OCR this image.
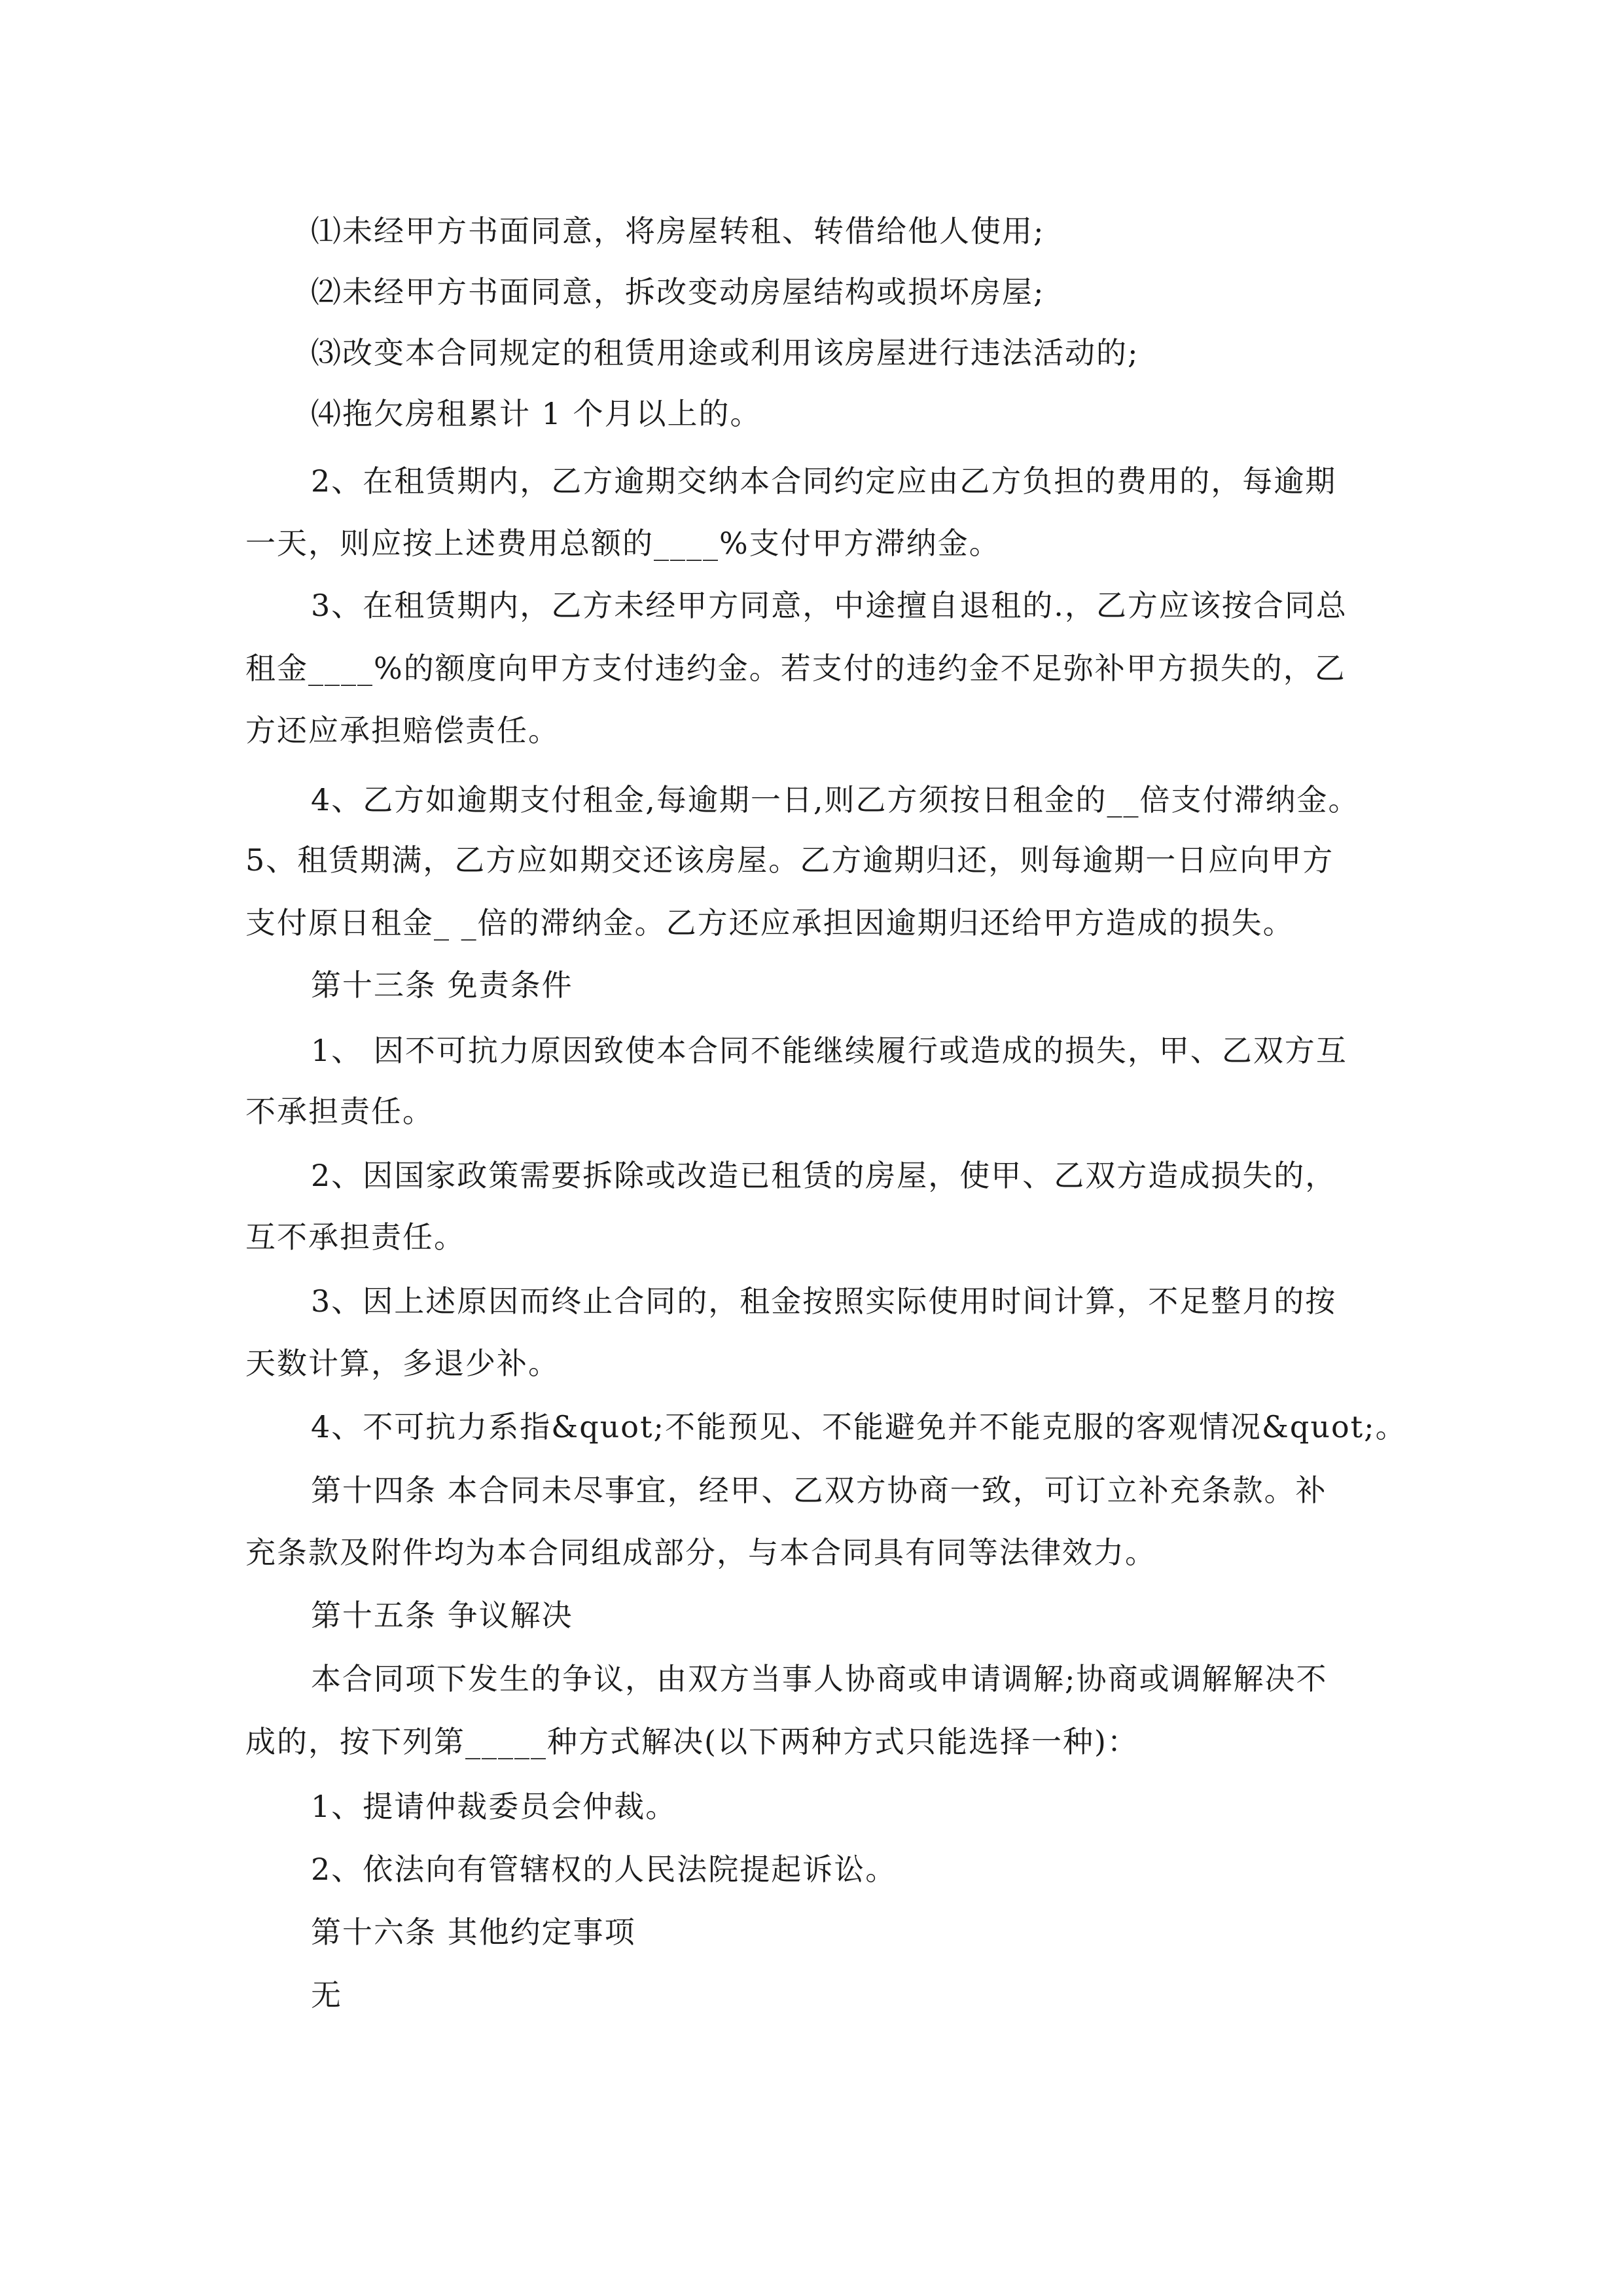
⑴未经甲方书面同意，将房屋转租、转借给他人使用;
⑵未经甲方书面同意，拆改变动房屋结构或损坏房屋;
⑶改变本合同规定的租赁用途或利用该房屋进行违法活动的;
⑷拖欠房租累计 1 个月以上的。
2、在租赁期内，乙方逾期交纳本合同约定应由乙方负担的费用的，每逾期
一天，则应按上述费用总额的____%支付甲方滞纳金。
3、在租赁期内，乙方未经甲方同意，中途擅自退租的.，乙方应该按合同总
租金____%的额度向甲方支付违约金。若支付的违约金不足弥补甲方损失的，乙
方还应承担赔偿责任。
4、乙方如逾期支付租金,每逾期一日,则乙方须按日租金的__倍支付滞纳金。
5、租赁期满，乙方应如期交还该房屋。乙方逾期归还，则每逾期一日应向甲方
支付原日租金_ _倍的滞纳金。乙方还应承担因逾期归还给甲方造成的损失。
第十三条 免责条件
1、 因不可抗力原因致使本合同不能继续履行或造成的损失，甲、乙双方互
不承担责任。
2、因国家政策需要拆除或改造已租赁的房屋，使甲、乙双方造成损失的，
互不承担责任。
3、因上述原因而终止合同的，租金按照实际使用时间计算，不足整月的按
天数计算，多退少补。
4、不可抗力系指&quot;不能预见、不能避免并不能克服的客观情况&quot;。
第十四条 本合同未尽事宜，经甲、乙双方协商一致，可订立补充条款。补
充条款及附件均为本合同组成部分，与本合同具有同等法律效力。
第十五条 争议解决
本合同项下发生的争议，由双方当事人协商或申请调解;协商或调解解决不
成的，按下列第_____种方式解决(以下两种方式只能选择一种)：
1、提请仲裁委员会仲裁。
2、依法向有管辖权的人民法院提起诉讼。
第十六条 其他约定事项
无
